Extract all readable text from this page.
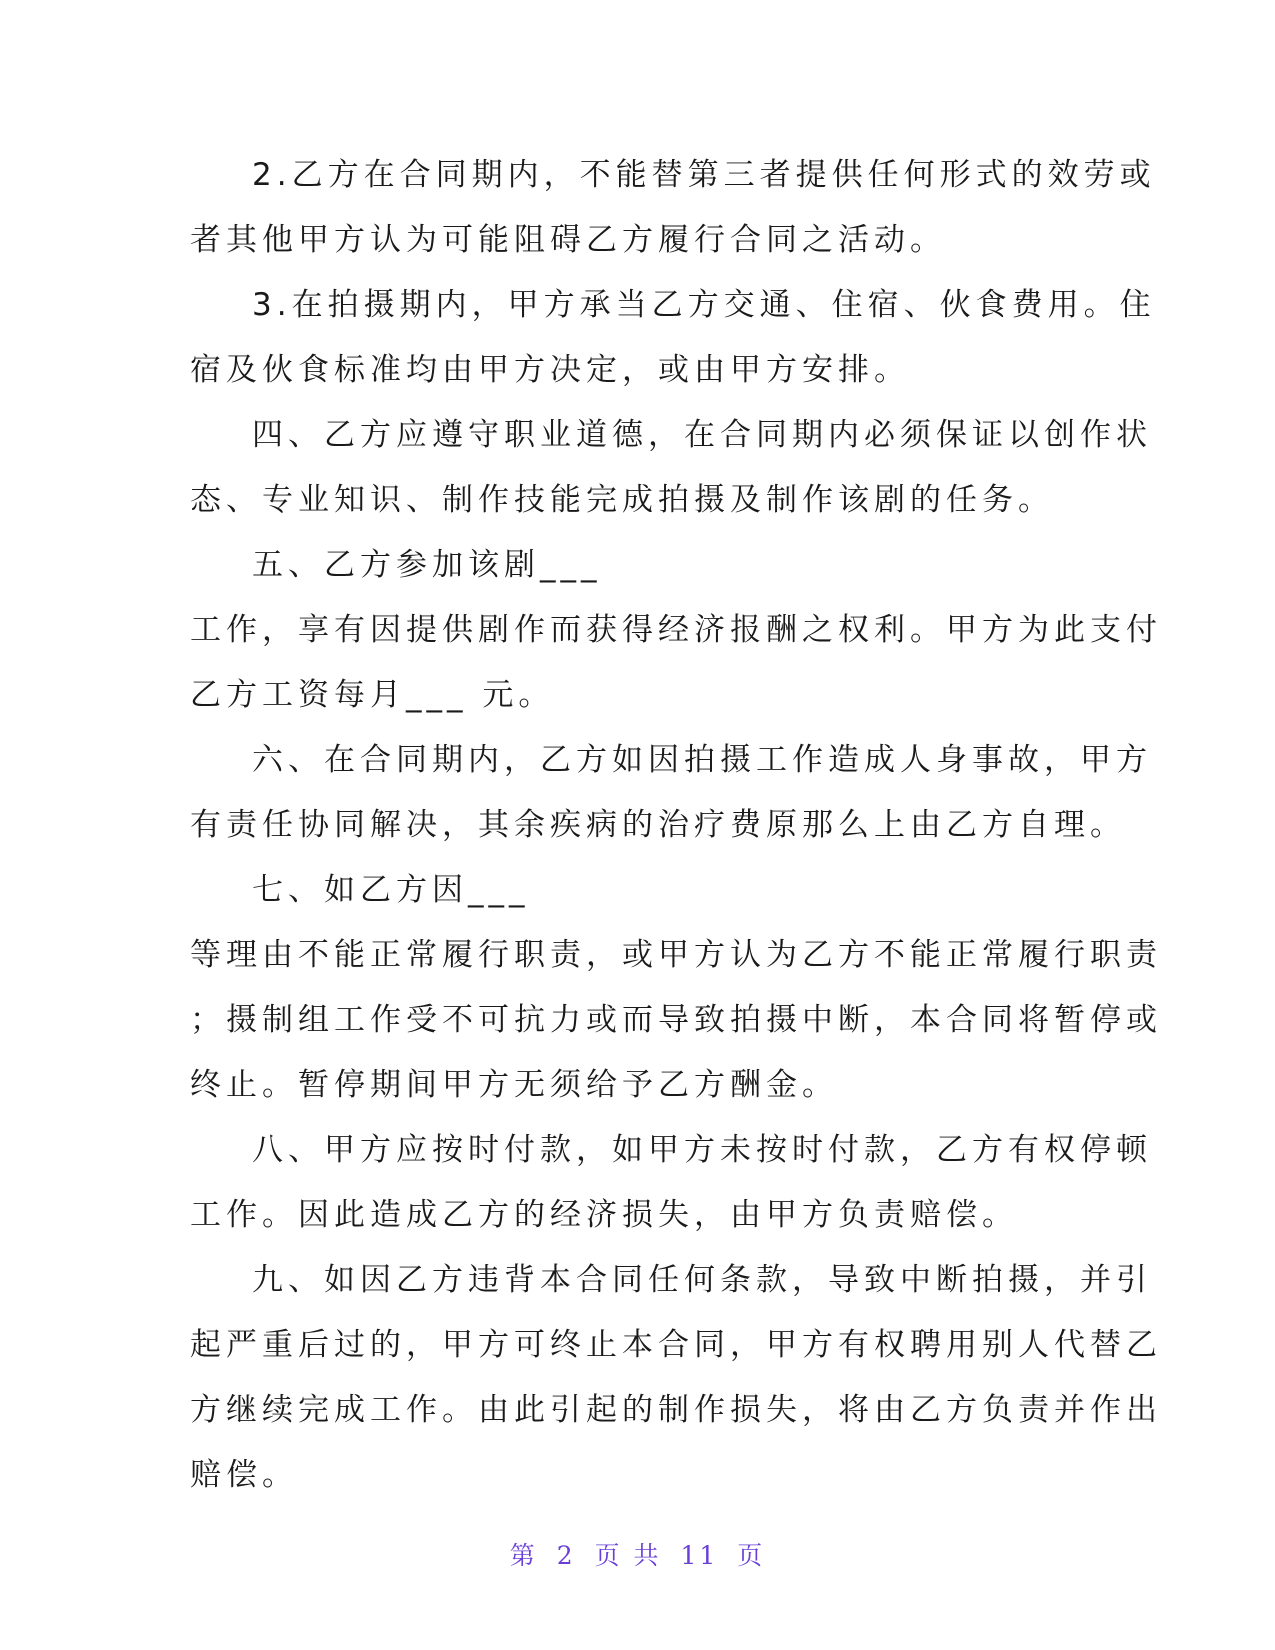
2.乙方在合同期内，不能替第三者提供任何形式的效劳或
者其他甲方认为可能阻碍乙方履行合同之活动。
3.在拍摄期内，甲方承当乙方交通、住宿、伙食费用。住
宿及伙食标准均由甲方决定，或由甲方安排。
四、乙方应遵守职业道德，在合同期内必须保证以创作状
态、专业知识、制作技能完成拍摄及制作该剧的任务。
五、乙方参加该剧___
工作，享有因提供剧作而获得经济报酬之权利。甲方为此支付
乙方工资每月___ 元。
六、在合同期内，乙方如因拍摄工作造成人身事故，甲方
有责任协同解决，其余疾病的治疗费原那么上由乙方自理。
七、如乙方因___
等理由不能正常履行职责，或甲方认为乙方不能正常履行职责
；摄制组工作受不可抗力或而导致拍摄中断，本合同将暂停或
终止。暂停期间甲方无须给予乙方酬金。
八、甲方应按时付款，如甲方未按时付款，乙方有权停顿
工作。因此造成乙方的经济损失，由甲方负责赔偿。
九、如因乙方违背本合同任何条款，导致中断拍摄，并引
起严重后过的，甲方可终止本合同，甲方有权聘用别人代替乙
方继续完成工作。由此引起的制作损失，将由乙方负责并作出
赔偿。
第 2 页 共 11 页
